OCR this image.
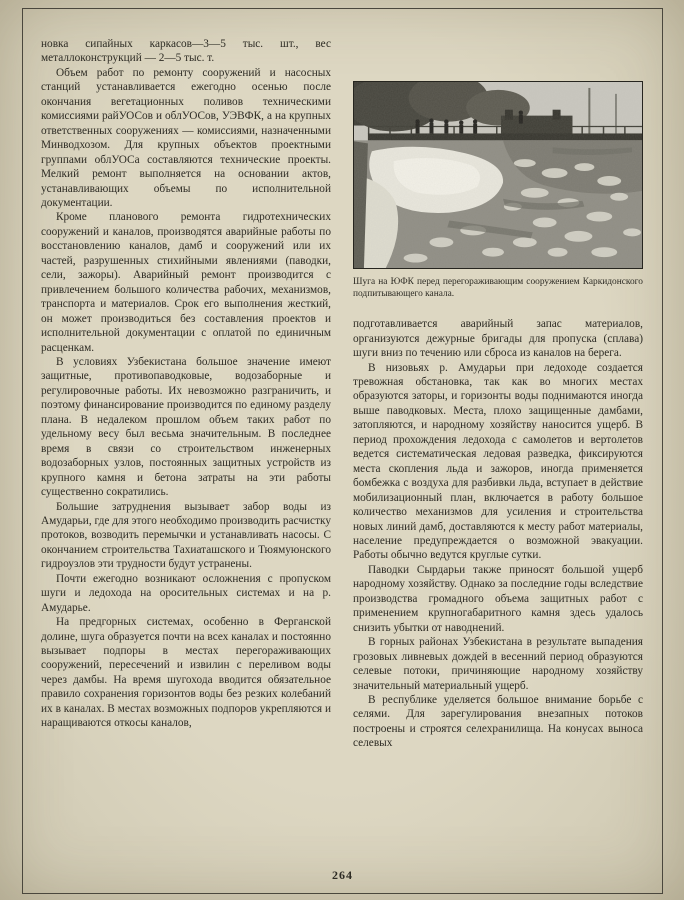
новка сипайных каркасов—3—5 тыс. шт., вес металлоконструкций — 2—5 тыс. т.

Объем работ по ремонту сооружений и насосных станций устанавливается ежегодно осенью после окончания вегетационных поливов техническими комиссиями райУОСов и облУОСов, УЭВФК, а на крупных ответственных сооружениях — комиссиями, назначенными Минводхозом. Для крупных объектов проектными группами облУОСа составляются технические проекты. Мелкий ремонт выполняется на основании актов, устанавливающих объемы по исполнительной документации.

Кроме планового ремонта гидротехнических сооружений и каналов, производятся аварийные работы по восстановлению каналов, дамб и сооружений или их частей, разрушенных стихийными явлениями (паводки, сели, зажоры). Аварийный ремонт производится с привлечением большого количества рабочих, механизмов, транспорта и материалов. Срок его выполнения жесткий, он может производиться без составления проектов и исполнительной документации с оплатой по единичным расценкам.

В условиях Узбекистана большое значение имеют защитные, противопаводковые, водозаборные и регулировочные работы. Их невозможно разграничить, и поэтому финансирование производится по единому разделу плана. В недалеком прошлом объем таких работ по удельному весу был весьма значительным. В последнее время в связи со строительством инженерных водозаборных узлов, постоянных защитных устройств из крупного камня и бетона затраты на эти работы существенно сократились.

Большие затруднения вызывает забор воды из Амударьи, где для этого необходимо производить расчистку протоков, возводить перемычки и устанавливать насосы. С окончанием строительства Тахиаташского и Тюямуюнского гидроузлов эти трудности будут устранены.

Почти ежегодно возникают осложнения с пропуском шуги и ледохода на оросительных системах и на р. Амударье.

На предгорных системах, особенно в Ферганской долине, шуга образуется почти на всех каналах и постоянно вызывает подпоры в местах перегораживающих сооружений, пересечений и извилин с переливом воды через дамбы. На время шугохода вводится обязательное правило сохранения горизонтов воды без резких колебаний их в каналах. В местах возможных подпоров укрепляются и наращиваются откосы каналов,

Шуга на ЮФК перед перегораживающим сооружением Каркидонского подпитывающего канала.

подготавливается аварийный запас материалов, организуются дежурные бригады для пропуска (сплава) шуги вниз по течению или сброса из каналов на берега.

В низовьях р. Амударьи при ледоходе создается тревожная обстановка, так как во многих местах образуются заторы, и горизонты воды поднимаются иногда выше паводковых. Места, плохо защищенные дамбами, затопляются, и народному хозяйству наносится ущерб. В период прохождения ледохода с самолетов и вертолетов ведется систематическая ледовая разведка, фиксируются места скопления льда и зажоров, иногда применяется бомбежка с воздуха для разбивки льда, вступает в действие мобилизационный план, включается в работу большое количество механизмов для усиления и строительства новых линий дамб, доставляются к месту работ материалы, население предупреждается о возможной эвакуации. Работы обычно ведутся круглые сутки.

Паводки Сырдарьи также приносят большой ущерб народному хозяйству. Однако за последние годы вследствие производства громадного объема защитных работ с применением крупногабаритного камня здесь удалось снизить убытки от наводнений.

В горных районах Узбекистана в результате выпадения грозовых ливневых дождей в весенний период образуются селевые потоки, причиняющие народному хозяйству значительный материальный ущерб.

В республике уделяется большое внимание борьбе с селями. Для зарегулирования внезапных потоков построены и строятся селехранилища. На конусах выноса селевых

264
